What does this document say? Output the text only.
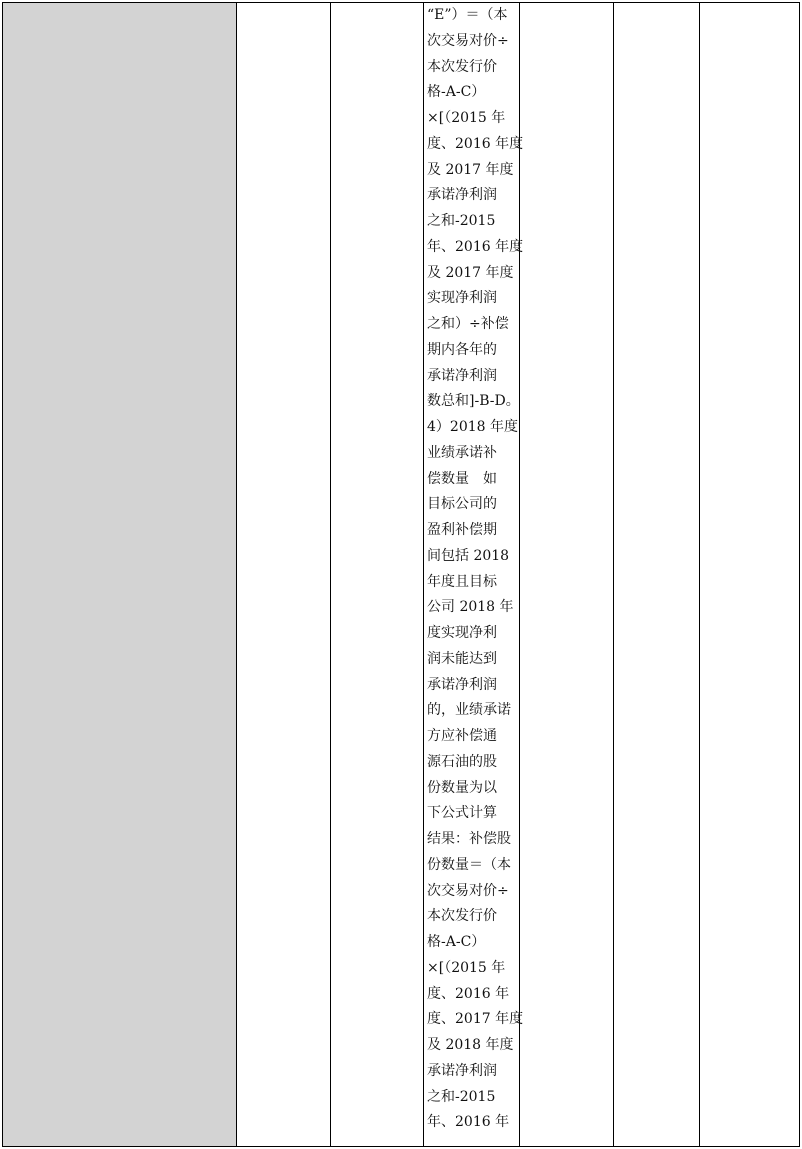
“E”）＝（本
次交易对价÷
本次发行价
格-A-C）
×[（2015 年
度、2016 年度
及 2017 年度
承诺净利润
之和-2015
年、2016 年度
及 2017 年度
实现净利润
之和）÷补偿
期内各年的
承诺净利润
数总和]-B-D。
4）2018 年度
业绩承诺补
偿数量　如
目标公司的
盈利补偿期
间包括 2018
年度且目标
公司 2018 年
度实现净利
润未能达到
承诺净利润
的，业绩承诺
方应补偿通
源石油的股
份数量为以
下公式计算
结果：补偿股
份数量＝（本
次交易对价÷
本次发行价
格-A-C）
×[（2015 年
度、2016 年
度、2017 年度
及 2018 年度
承诺净利润
之和-2015
年、2016 年
